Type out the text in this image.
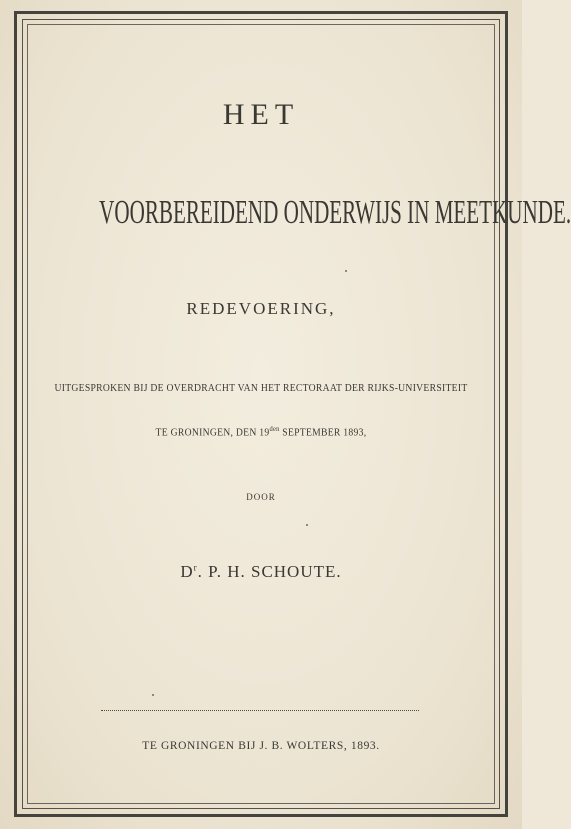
HET
VOORBEREIDEND ONDERWIJS IN MEETKUNDE.
REDEVOERING,
UITGESPROKEN BIJ DE OVERDRACHT VAN HET RECTORAAT DER RIJKS-UNIVERSITEIT
TE GRONINGEN, DEN $19^{den}$ SEPTEMBER 1893,
DOOR
$D^r$. P. H. SCHOUTE.
TE GRONINGEN BIJ J. B. WOLTERS, 1893.
